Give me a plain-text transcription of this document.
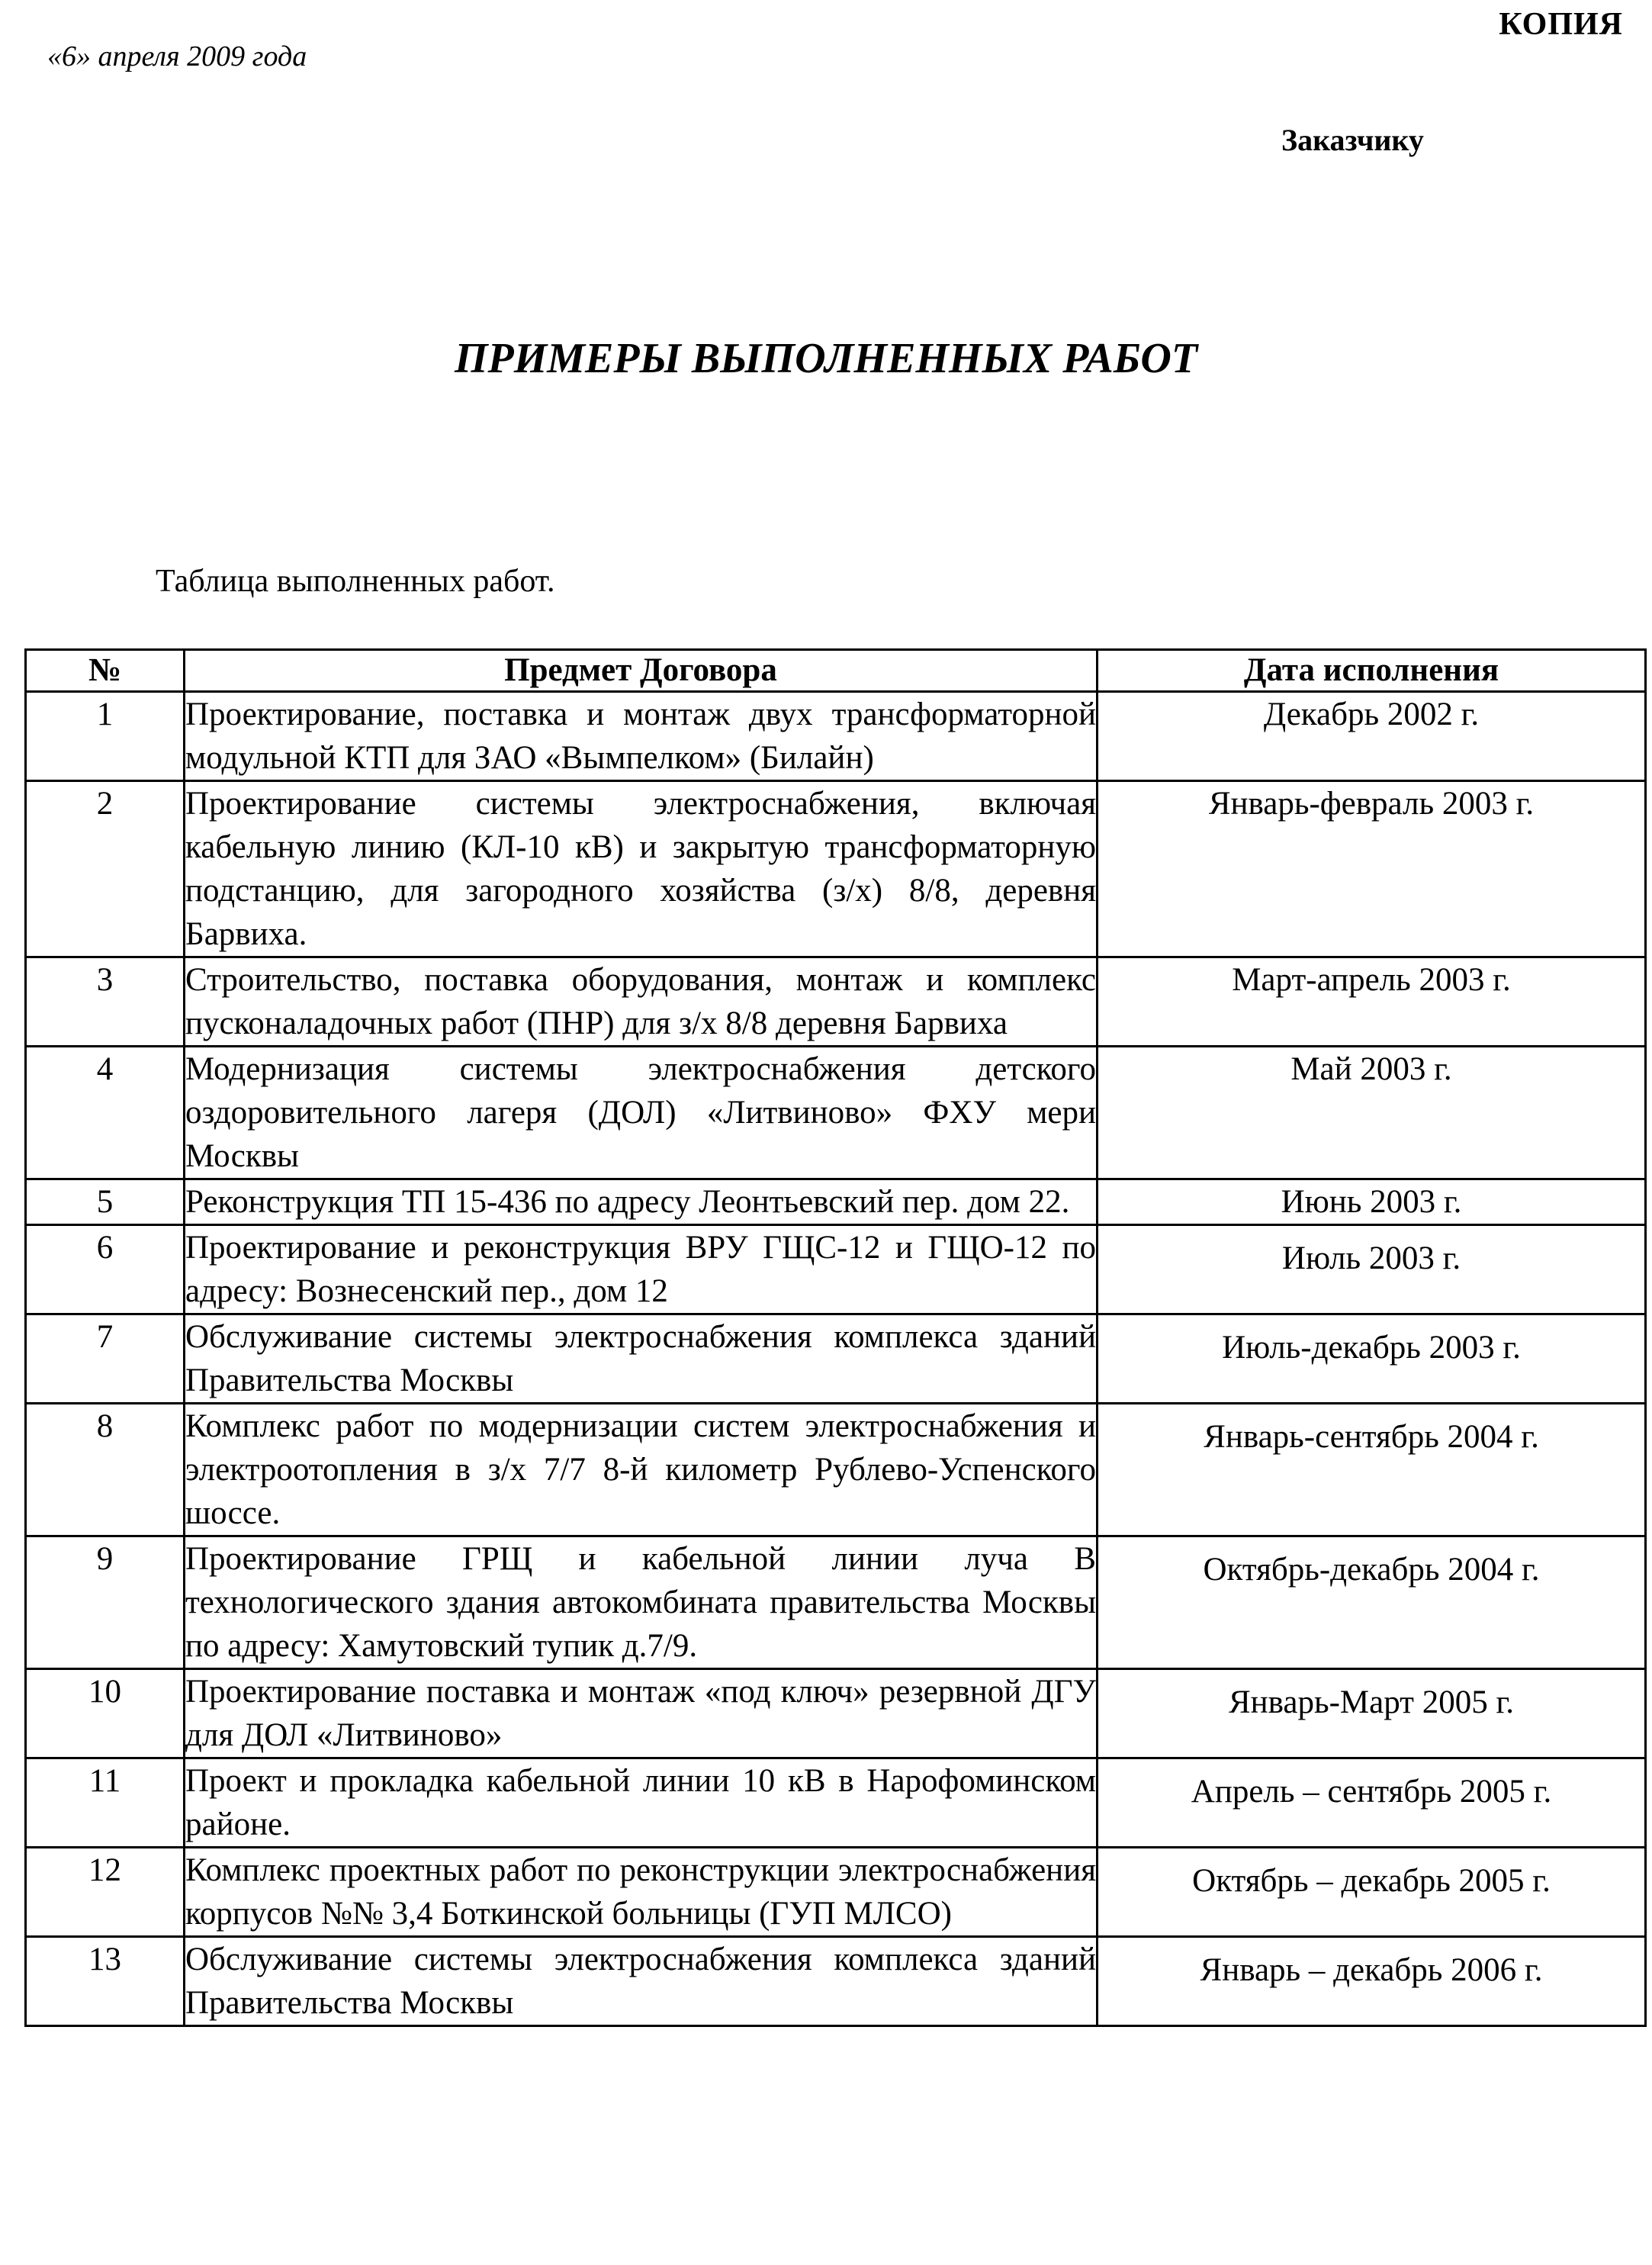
«6» апреля 2009 года
КОПИЯ
Заказчику
ПРИМЕРЫ ВЫПОЛНЕННЫХ РАБОТ
Таблица выполненных работ.
№	Предмет Договора	Дата исполнения
1	Проектирование, поставка и монтаж двух трансформаторной модульной КТП для ЗАО «Вымпелком» (Билайн)	Декабрь 2002 г.
2	Проектирование системы электроснабжения, включая кабельную линию (КЛ-10 кВ) и закрытую трансформаторную подстанцию, для загородного хозяйства (з/х) 8/8, деревня Барвиха.	Январь-февраль 2003 г.
3	Строительство, поставка оборудования, монтаж и комплекс пусконаладочных работ (ПНР) для з/х 8/8 деревня Барвиха	Март-апрель 2003 г.
4	Модернизация системы электроснабжения детского оздоровительного лагеря (ДОЛ) «Литвиново» ФХУ мери Москвы	Май 2003 г.
5	Реконструкция ТП 15-436 по адресу Леонтьевский пер. дом 22.	Июнь 2003 г.
6	Проектирование и реконструкция ВРУ ГЩС-12 и ГЩО-12 по адресу: Вознесенский пер., дом 12	Июль 2003 г.
7	Обслуживание системы электроснабжения комплекса зданий Правительства Москвы	Июль-декабрь 2003 г.
8	Комплекс работ по модернизации систем электроснабжения и электроотопления в з/х 7/7 8-й километр Рублево-Успенского шоссе.	Январь-сентябрь 2004 г.
9	Проектирование ГРЩ и кабельной линии луча В технологического здания автокомбината правительства Москвы по адресу: Хамутовский тупик д.7/9.	Октябрь-декабрь 2004 г.
10	Проектирование поставка и монтаж «под ключ» резервной ДГУ для ДОЛ «Литвиново»	Январь-Март 2005 г.
11	Проект и прокладка кабельной линии 10 кВ в Нарофоминском районе.	Апрель – сентябрь 2005 г.
12	Комплекс проектных работ по реконструкции электроснабжения корпусов №№ 3,4 Боткинской больницы (ГУП МЛСО)	Октябрь – декабрь 2005 г.
13	Обслуживание системы электроснабжения комплекса зданий Правительства Москвы	Январь – декабрь 2006 г.
